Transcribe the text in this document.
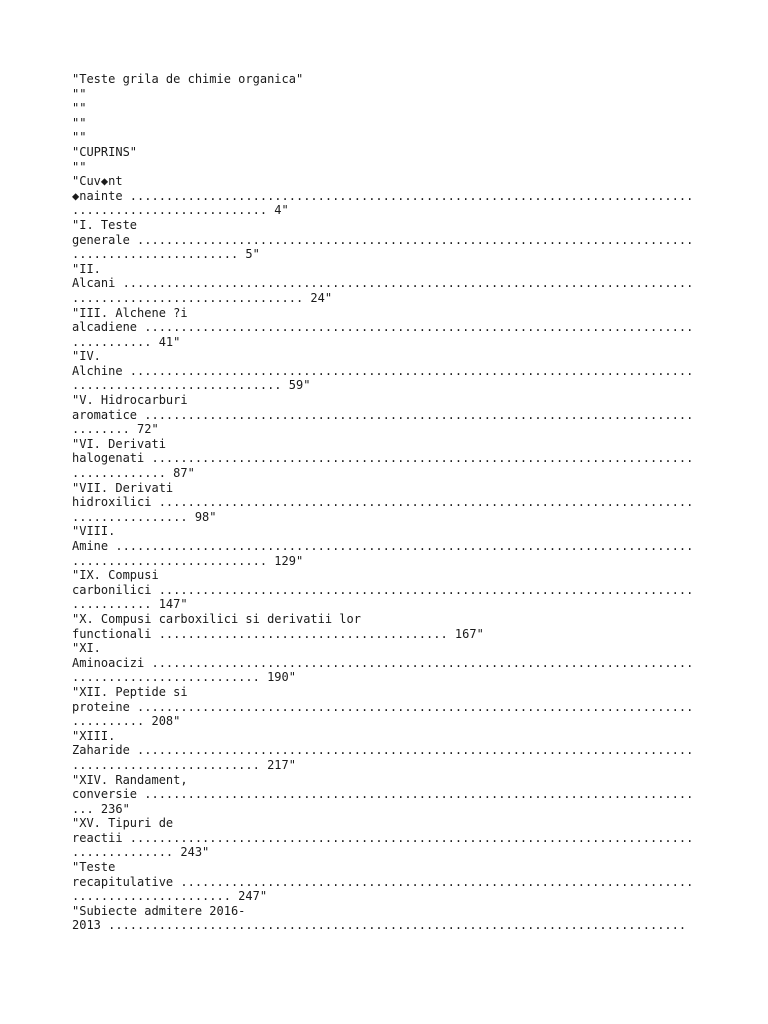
"Teste grila de chimie organica"
""
""
""
""
"CUPRINS"
""
"Cuv◆nt
◆nainte ..............................................................................
........................... 4"
"I. Teste
generale .............................................................................
....................... 5"
"II.
Alcani ...............................................................................
................................ 24"
"III. Alchene ?i
alcadiene ............................................................................
........... 41"
"IV.
Alchine ..............................................................................
............................. 59"
"V. Hidrocarburi
aromatice ............................................................................
........ 72"
"VI. Derivati
halogenati ...........................................................................
............. 87"
"VII. Derivati
hidroxilici ..........................................................................
................ 98"
"VIII.
Amine ................................................................................
........................... 129"
"IX. Compusi
carbonilici ..........................................................................
........... 147"
"X. Compusi carboxilici si derivatii lor
functionali ........................................ 167"
"XI.
Aminoacizi ...........................................................................
.......................... 190"
"XII. Peptide si
proteine .............................................................................
.......... 208"
"XIII.
Zaharide .............................................................................
.......................... 217"
"XIV. Randament,
conversie ............................................................................
... 236"
"XV. Tipuri de
reactii ..............................................................................
.............. 243"
"Teste
recapitulative .......................................................................
...................... 247"
"Subiecte admitere 2016-
2013 ................................................................................
